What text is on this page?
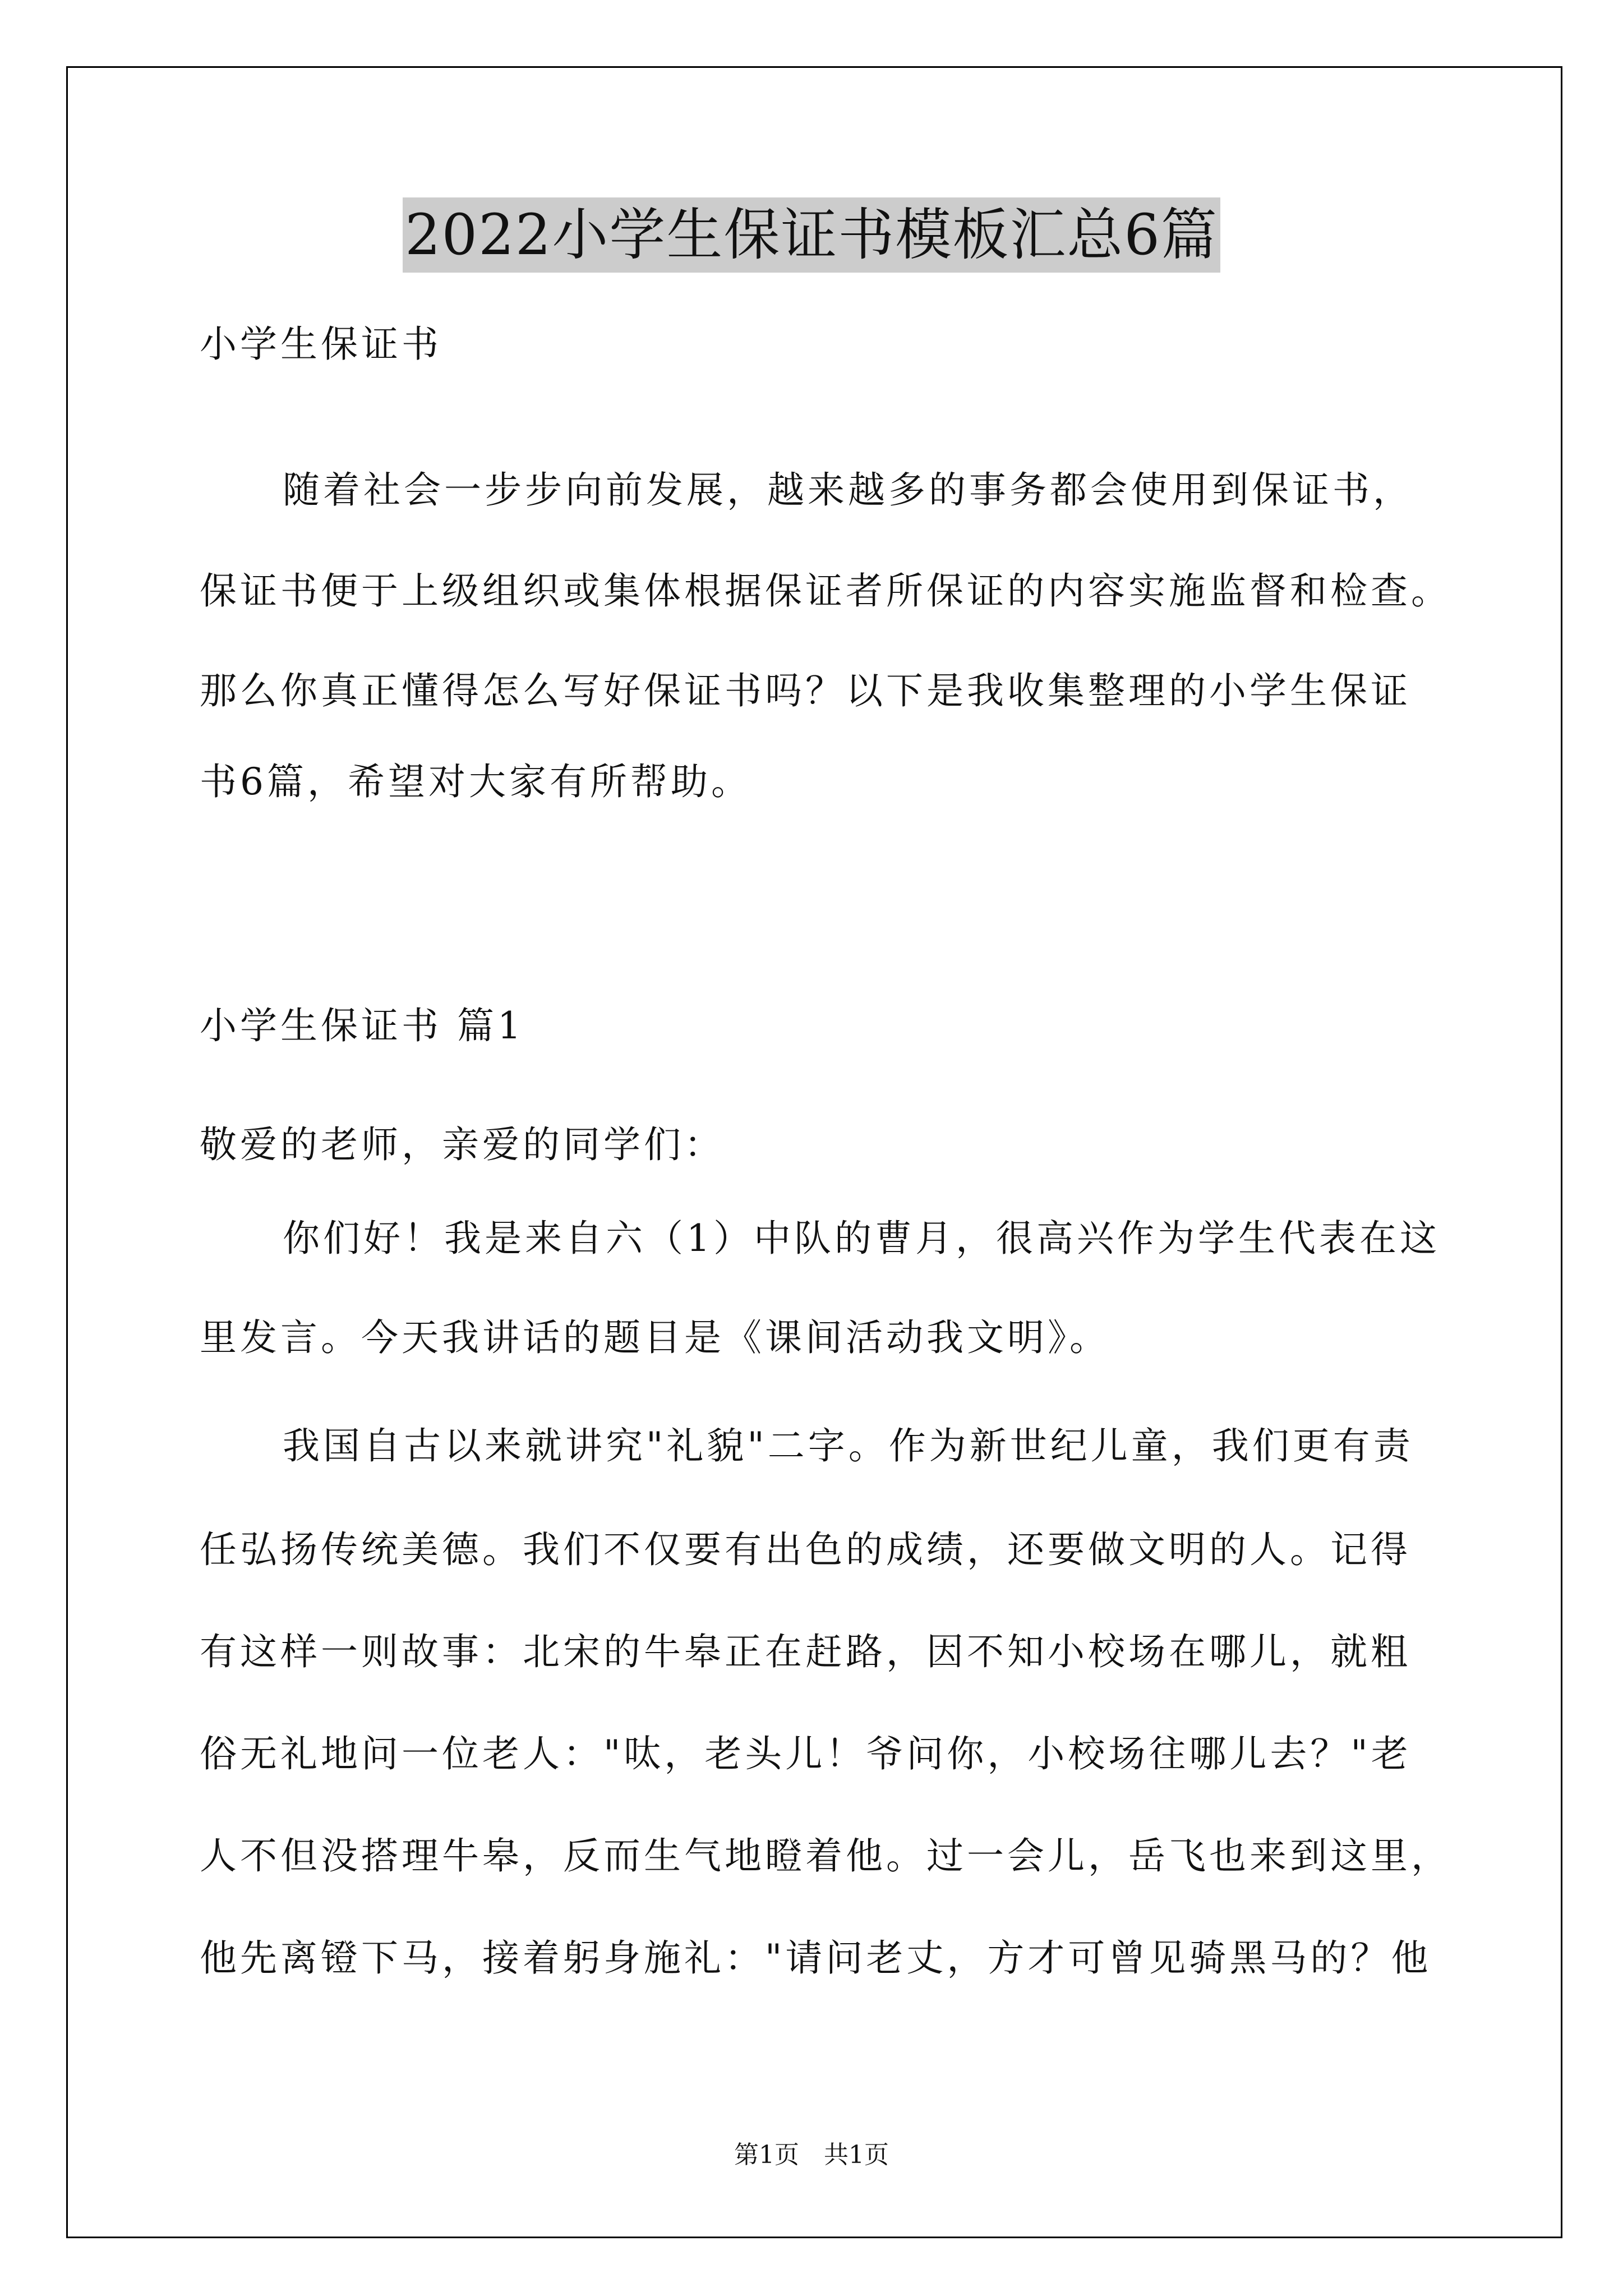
2022小学生保证书模板汇总6篇
小学生保证书
随着社会一步步向前发展，越来越多的事务都会使用到保证书，
保证书便于上级组织或集体根据保证者所保证的内容实施监督和检查。
那么你真正懂得怎么写好保证书吗？以下是我收集整理的小学生保证
书6篇，希望对大家有所帮助。
小学生保证书 篇1
敬爱的老师，亲爱的同学们：
你们好！我是来自六（1）中队的曹月，很高兴作为学生代表在这
里发言。今天我讲话的题目是《课间活动我文明》。
我国自古以来就讲究"礼貌"二字。作为新世纪儿童，我们更有责
任弘扬传统美德。我们不仅要有出色的成绩，还要做文明的人。记得
有这样一则故事：北宋的牛皋正在赶路，因不知小校场在哪儿，就粗
俗无礼地问一位老人："呔，老头儿！爷问你，小校场往哪儿去？"老
人不但没搭理牛皋，反而生气地瞪着他。过一会儿，岳飞也来到这里，
他先离镫下马，接着躬身施礼："请问老丈，方才可曾见骑黑马的？他
第1页　共1页
